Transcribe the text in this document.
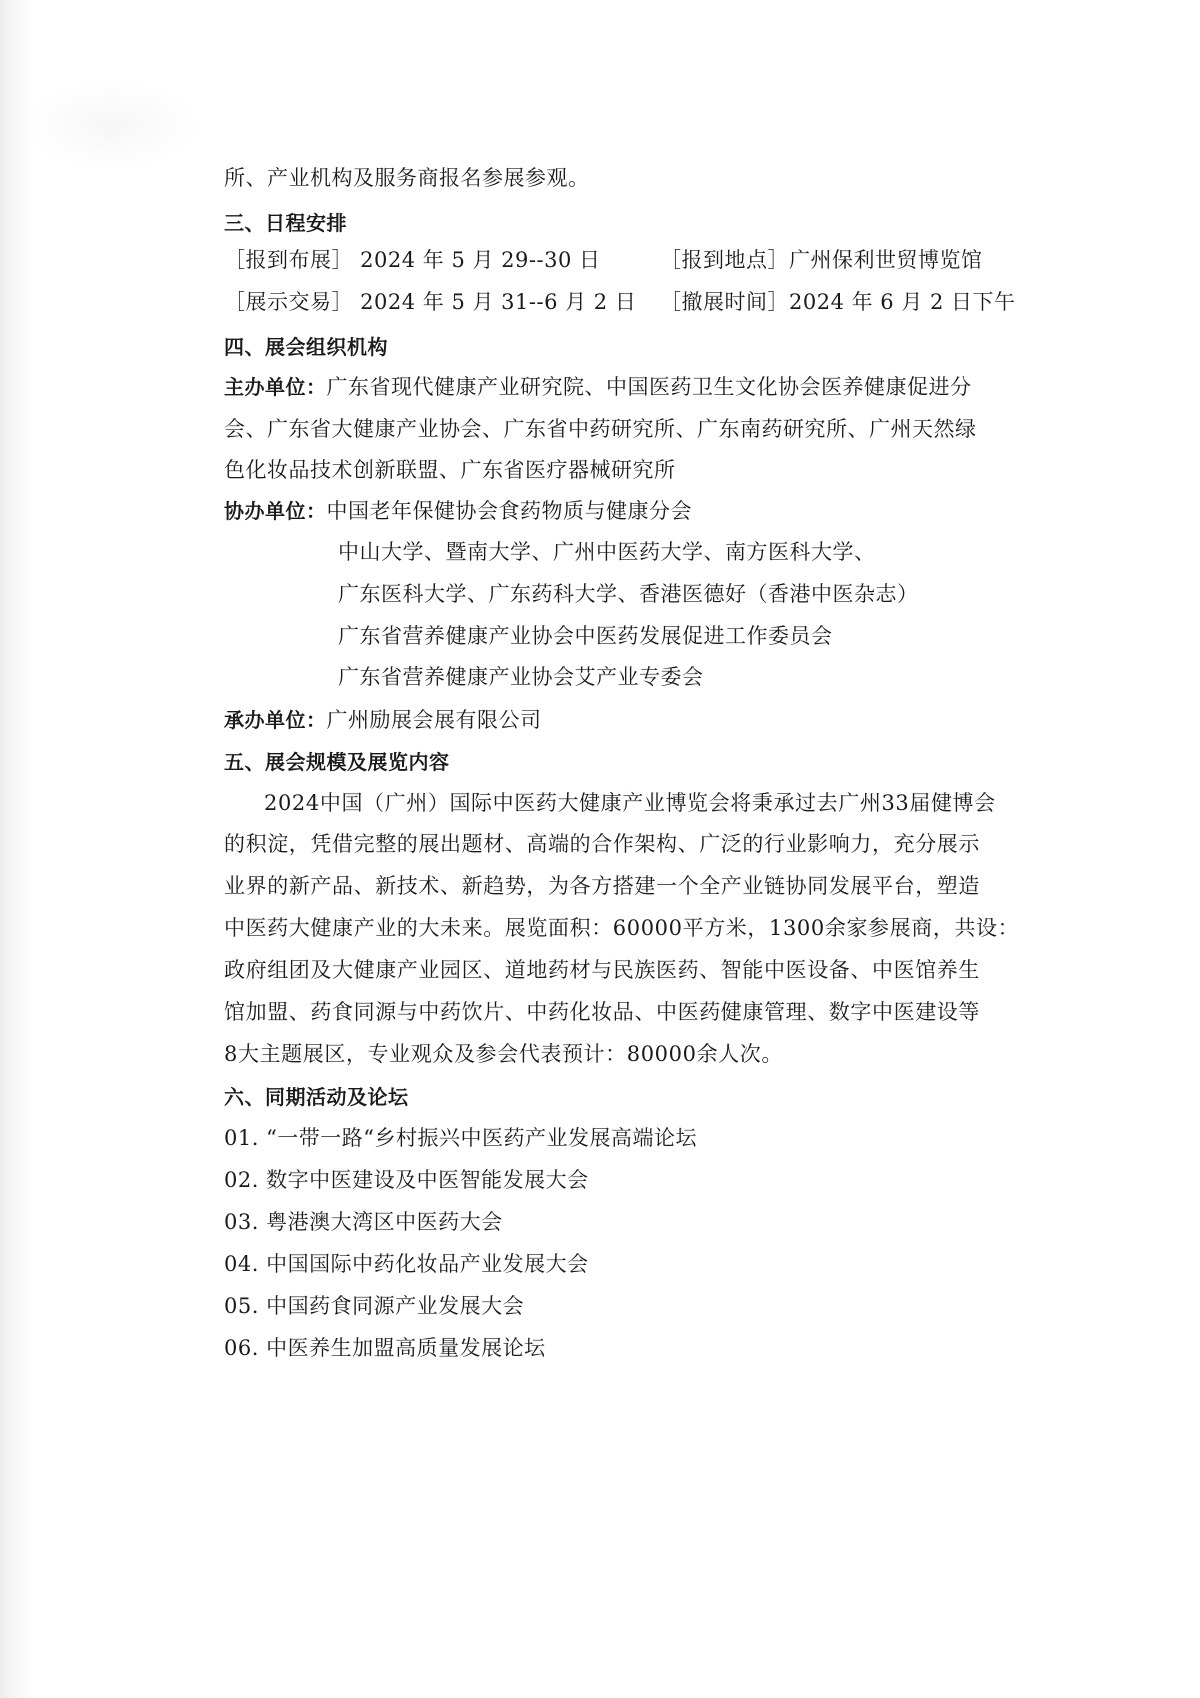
所、产业机构及服务商报名参展参观。
三、日程安排
［报到布展］ 2024 年 5 月 29--30 日	［报到地点］广州保利世贸博览馆
［展示交易］ 2024 年 5 月 31--6 月 2 日 ［撤展时间］2024 年 6 月 2 日下午
四、展会组织机构
主办单位：广东省现代健康产业研究院、中国医药卫生文化协会医养健康促进分
会、广东省大健康产业协会、广东省中药研究所、广东南药研究所、广州天然绿
色化妆品技术创新联盟、广东省医疗器械研究所
协办单位：中国老年保健协会食药物质与健康分会
中山大学、暨南大学、广州中医药大学、南方医科大学、
广东医科大学、广东药科大学、香港医德好（香港中医杂志）
广东省营养健康产业协会中医药发展促进工作委员会
广东省营养健康产业协会艾产业专委会
承办单位：广州励展会展有限公司
五、展会规模及展览内容
2024中国（广州）国际中医药大健康产业博览会将秉承过去广州33届健博会
的积淀，凭借完整的展出题材、高端的合作架构、广泛的行业影响力，充分展示
业界的新产品、新技术、新趋势，为各方搭建一个全产业链协同发展平台，塑造
中医药大健康产业的大未来。展览面积：60000平方米，1300余家参展商，共设：
政府组团及大健康产业园区、道地药材与民族医药、智能中医设备、中医馆养生
馆加盟、药食同源与中药饮片、中药化妆品、中医药健康管理、数字中医建设等
8大主题展区，专业观众及参会代表预计：80000余人次。
六、同期活动及论坛
01. “一带一路“乡村振兴中医药产业发展高端论坛
02. 数字中医建设及中医智能发展大会
03. 粤港澳大湾区中医药大会
04. 中国国际中药化妆品产业发展大会
05. 中国药食同源产业发展大会
06. 中医养生加盟高质量发展论坛
